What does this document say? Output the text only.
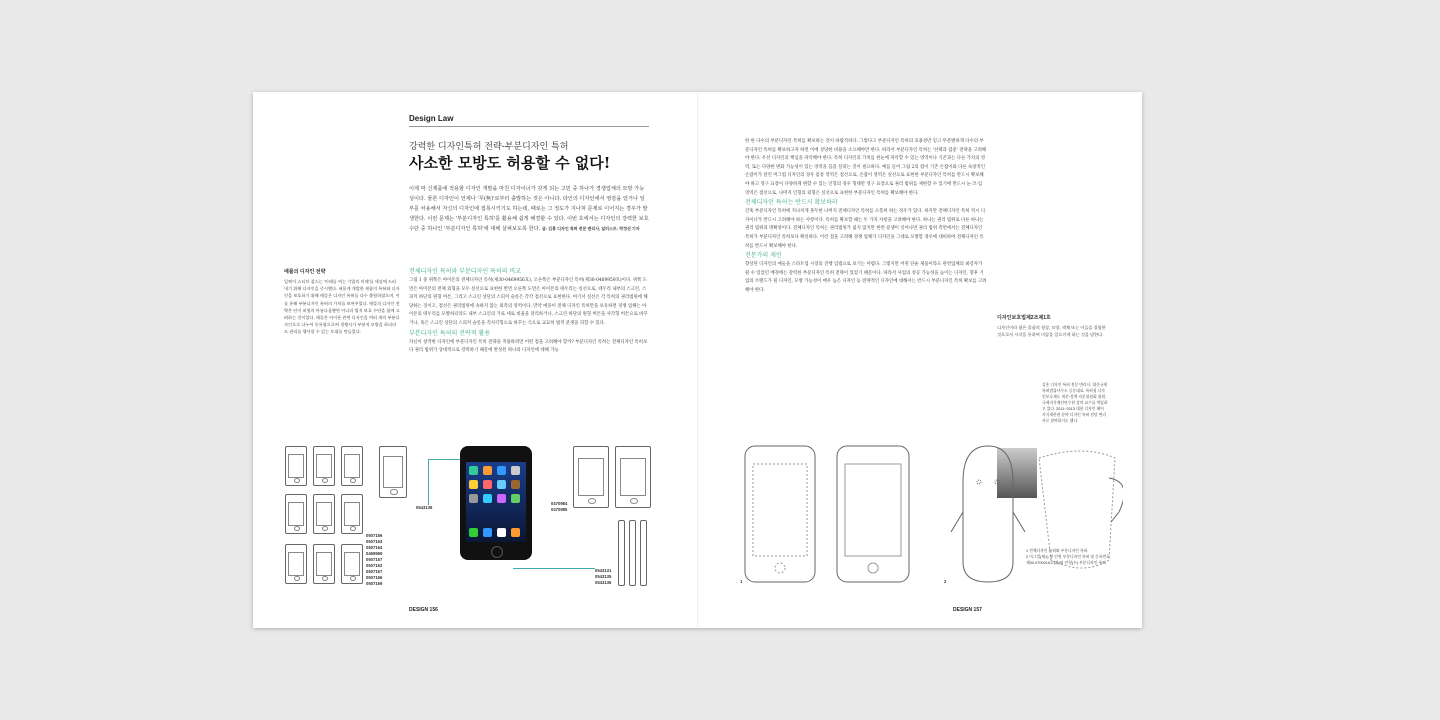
Design Law
강력한 디자인특허 전략-부분디자인 특허
사소한 모방도 허용할 수 없다!
이제 막 신제품에 적용할 디자인 개발을 마친 디자이너가 갖게 되는 고민 중 하나가 경쟁업체의 모방 가능성이다. 물론 디자인이 언제나 '무(無)'로부터 출발하는 것은 아니다. 타인의 디자인에서 영감을 얻거나 일부를 차용해서 자신의 디자인에 접목시키기도 하는데, 때로는 그 정도가 지나쳐 문제로 이어지는 경우가 발생한다. 이런 문제는 '부분디자인 특허'를 활용해 쉽게 해결할 수 있다. 이번 호에서는 디자인의 강력한 보호 수단 중 하나인 '부분디자인 특허'에 대해 살펴보도록 한다. 글: 김홍 디자인 특허 전문 변리사, 일러스트: 박정선 기자
애플의 디자인 전략
일찍이 스티브 잡스는 '미래를 여는 기업의 미래'를 세상에 드러내기 위해 디자인을 중시했다. 새롭게 개발한 제품의 특허와 디자인을 보호하기 위해 애플은 디자인 특허를 다수 출원하였으며, 이를 통해 부분디자인 특허의 가치를 보여주었다. 애플의 디자인 전략은 단지 외형의 아름다움뿐만 아니라 법적 보호 수단을 함께 고려하는 것이었다. 애플은 아이폰 관련 디자인을 여러 개의 부분디자인으로 나누어 등록함으로써 경쟁사가 부분적 모방을 하더라도 권리를 행사할 수 있는 토대를 만들었다.
전체디자인 특허와 부분디자인 특허의 비교
그림 1 중 위쪽은 아이폰의 전체디자인 특허(제30-0469956호), 오른쪽은 부분디자인 특허(제30-0469959호)이다. 위쪽 도면은 아이폰의 전체 외형을 모두 실선으로 표현한 반면 오른쪽 도면은 아이폰의 테두리는 실선으로, 테두리 내부의 스크린, 스피커 하단의 원형 버튼, 그리고 스크린 상단의 스피커 슬롯은 각각 점선으로 표현한다. 여기서 실선은 각 특허의 권리범위에 해당하는 것이고, 점선은 권리범위에 속하지 않는 외측의 영역이다. 만약 애플이 전체 디자인 특허만을 보유하면 경쟁 업체는 아이폰의 테두리를 모방하더라도 내부 스크린의 가로 세로 비율을 달리하거나, 스크린 하단의 원형 버튼을 사각형 버튼으로 바꾸거나, 혹은 스크린 상단의 스피커 슬롯을 직사각형으로 바꾸는 식으로 교묘히 법적 분쟁을 피할 수 있다.
부분디자인 특허의 전략적 활용
자신이 창작한 디자인에 부분디자인 특허 전략을 적용하려면 어떤 점을 고려해야 할까? 부분디자인 특허는 전체디자인 특허보다 권리 범위가 상대적으로 강력하기 때문에 완성된 하나의 디자인에 대해 가능
0543136
0507156
0507163
0507164
0469969
0507157
0507162
0507167
0507166
0507169
0470984
0470985
0543131
0543135
0543136
DESIGN 156
한 한 다수의 부분디자인 특허를 확보하는 것이 바람직하다. 그렇다고 부분디자인 특허의 효용성만 믿고 무분별하게 다수의 부분디자인 특허를 확보하고자 하면 이에 상당한 비용을 소요해야만 한다. 따라서 부분디자인 특허는 '선택과 집중' 전략을 고려해야 한다. 우선 디자인의 핵심을 파악해야 한다. 특허 디자인의 가치를 한눈에 파악할 수 있는 영역이나 기존과는 다른 가치의 영역, 또는 다양한 변화 가능성이 있는 영역을 꼼꼼 살피는 것이 필요하다. 예를 들어 그림 2의 컵이 기존 손잡이와 다른 독창적인 손잡이가 달린 머그컵 디자인의 경우 몸통 영역은 점선으로, 손잡이 영역은 실선으로 표현한 부분디자인 특허를 반드시 확보해야 하고 영구 표장이 다양하게 변할 수 있는 인형의 경우 형태만 영구 표장으로 권리 범위를 제한할 수 있기에 반드시 눈·코·입 영역은 점선으로, 나머지 인형의 외형은 실선으로 표현한 부분디자인 특허를 확보해야 한다.
전체디자인 특허는 반드시 확보하라
간혹 부분디자인 특허에 지나치게 몰두한 나머지 전체디자인 특허를 소홀히 하는 경우가 있다. 하지만 전체디자인 특허 역시 디자이너가 반드시 고려해야 하는 사항이다. 특허를 확보할 때는 두 가지 사항을 고려해야 한다. 하나는 권리 범위로 다른 하나는 권리 범위의 명확성이다. 전체디자인 특허는 권리범위가 넓지 않지만 한번 분쟁이 일어나면 권리 범위 측면에서는 전체디자인 특허가 부분디자인 특허보다 확실하다. 이런 점을 고려해 경쟁 업체가 디자인을 그대로 모방할 경우에 대비하여 전체디자인 특허를 반드시 확보해야 한다.
전문가의 제언
향상된 디자인의 예술을 스타트업 시장의 진행 입법으로 보기는 어렵다. 그렇지만 어떤 단순 제품이라도 관련업체의 최강자가 될 수 있었던 배경에는 강력한 부분디자인 특허 전략이 있었기 때문이다. 따라서 사업의 성공 가능성을 높이는 디자인, 향후 기업의 브랜드가 될 디자인, 모방 가능성이 매우 높은 디자인 등 전략적인 디자인에 대해서는 반드시 부분디자인 특허 확보를 고려해야 한다.
디자인보호법제2조제1호
디자인이라 함은 물품의 형상, 모양, 색채 또는 이들을 결합한 것으로서 시각을 통하여 미감을 일으키게 하는 것을 말한다.
김홍 디자인 특허 전문 변리사. 대신국제특허법률사무소 공동대표. 특허청 디자인보호제도 개선·정책 자문위원회 위원, 국제지식재산연수원 강의 교수를 역임하고 있다. 2011~2013 대한 디자인 페어 지식재산권 분야 디자인 특허 전담 변리사로 참여하기도 했다.
1	2
1 전체디자인 특허와 부분디자인 특허.
2 머그컵(제1) 및 인형 부분디자인 특허 및 등록번호 제30-0700019호(좌)와 인형(우) 부분디자인 특허.
DESIGN 157
